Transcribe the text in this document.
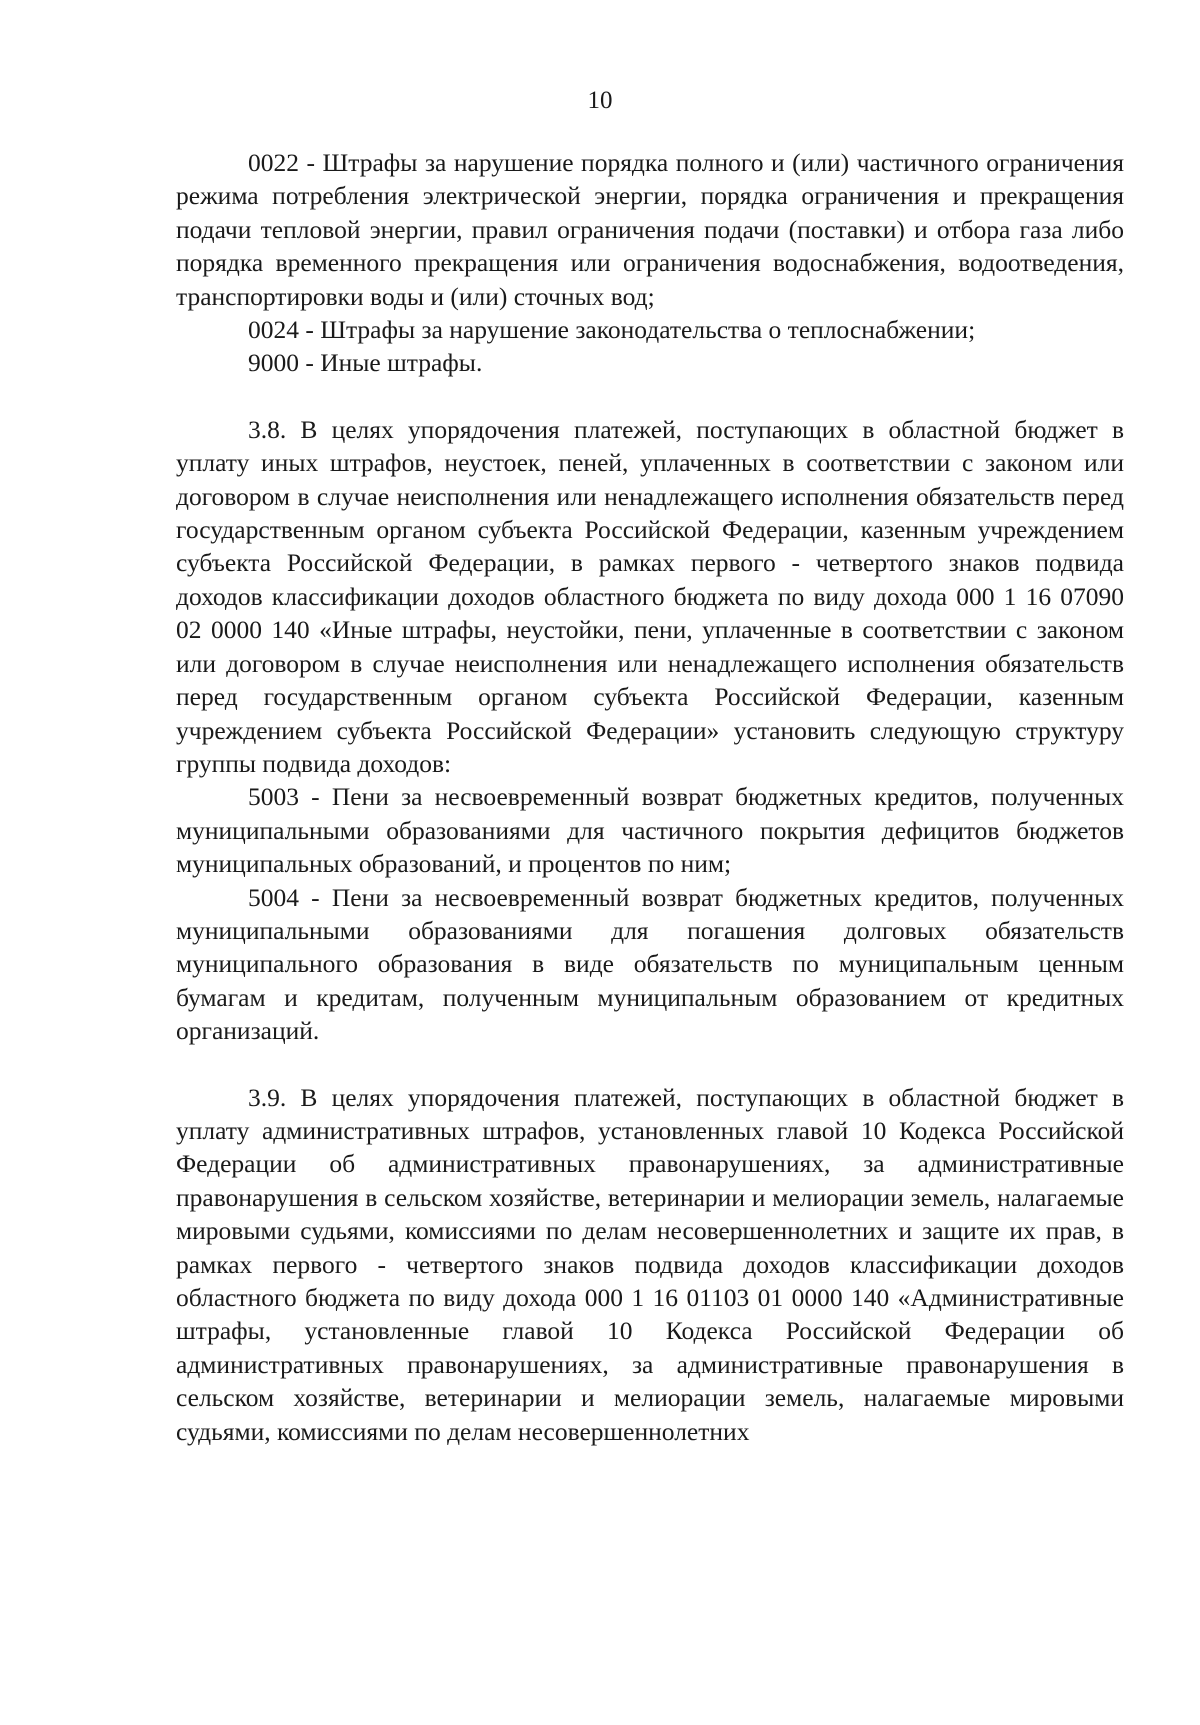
10

0022 - Штрафы за нарушение порядка полного и (или) частичного ограничения режима потребления электрической энергии, порядка ограничения и прекращения подачи тепловой энергии, правил ограничения подачи (поставки) и отбора газа либо порядка временного прекращения или ограничения водоснабжения, водоотведения, транспортировки воды и (или) сточных вод;

0024 - Штрафы за нарушение законодательства о теплоснабжении;

9000 - Иные штрафы.

3.8. В целях упорядочения платежей, поступающих в областной бюджет в уплату иных штрафов, неустоек, пеней, уплаченных в соответствии с законом или договором в случае неисполнения или ненадлежащего исполнения обязательств перед государственным органом субъекта Российской Федерации, казенным учреждением субъекта Российской Федерации, в рамках первого - четвертого знаков подвида доходов классификации доходов областного бюджета по виду дохода 000 1 16 07090 02 0000 140 «Иные штрафы, неустойки, пени, уплаченные в соответствии с законом или договором в случае неисполнения или ненадлежащего исполнения обязательств перед государственным органом субъекта Российской Федерации, казенным учреждением субъекта Российской Федерации» установить следующую структуру группы подвида доходов:

5003 - Пени за несвоевременный возврат бюджетных кредитов, полученных муниципальными образованиями для частичного покрытия дефицитов бюджетов муниципальных образований, и процентов по ним;

5004 - Пени за несвоевременный возврат бюджетных кредитов, полученных муниципальными образованиями для погашения долговых обязательств муниципального образования в виде обязательств по муниципальным ценным бумагам и кредитам, полученным муниципальным образованием от кредитных организаций.

3.9. В целях упорядочения платежей, поступающих в областной бюджет в уплату административных штрафов, установленных главой 10 Кодекса Российской Федерации об административных правонарушениях, за административные правонарушения в сельском хозяйстве, ветеринарии и мелиорации земель, налагаемые мировыми судьями, комиссиями по делам несовершеннолетних и защите их прав, в рамках первого - четвертого знаков подвида доходов классификации доходов областного бюджета по виду дохода 000 1 16 01103 01 0000 140 «Административные штрафы, установленные главой 10 Кодекса Российской Федерации об административных правонарушениях, за административные правонарушения в сельском хозяйстве, ветеринарии и мелиорации земель, налагаемые мировыми судьями, комиссиями по делам несовершеннолетних
